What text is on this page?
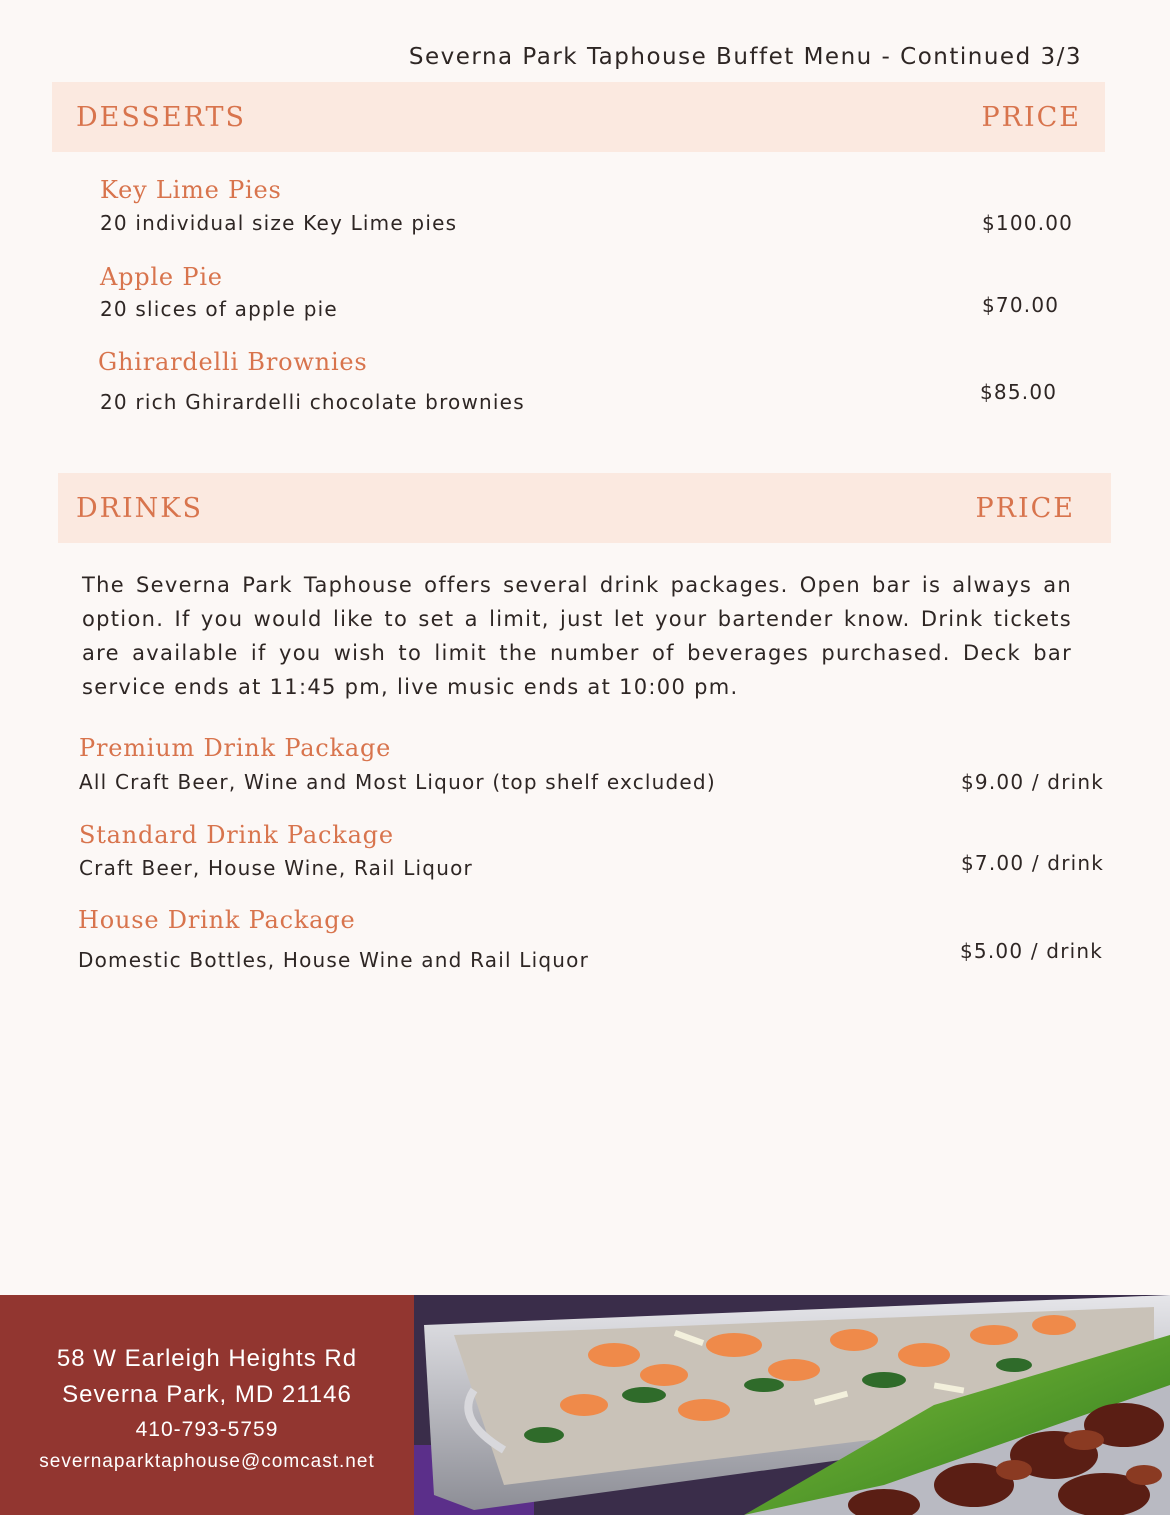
Severna Park Taphouse Buffet Menu - Continued 3/3
DESSERTS	PRICE
Key Lime Pies
20 individual size Key Lime pies	$100.00
Apple Pie
20 slices of apple pie	$70.00
Ghirardelli Brownies
20 rich Ghirardelli chocolate brownies	$85.00
DRINKS	PRICE

The Severna Park Taphouse offers several drink packages. Open bar is always an option. If you would like to set a limit, just let your bartender know. Drink tickets are available if you wish to limit the number of beverages purchased. Deck bar service ends at 11:45 pm, live music ends at 10:00 pm.

Premium Drink Package
All Craft Beer, Wine and Most Liquor (top shelf excluded)	$9.00 / drink
Standard Drink Package
Craft Beer, House Wine, Rail Liquor	$7.00 / drink
House Drink Package
Domestic Bottles, House Wine and Rail Liquor	$5.00 / drink
58 W Earleigh Heights Rd
Severna Park, MD 21146
410-793-5759
severnaparktaphouse@comcast.net
